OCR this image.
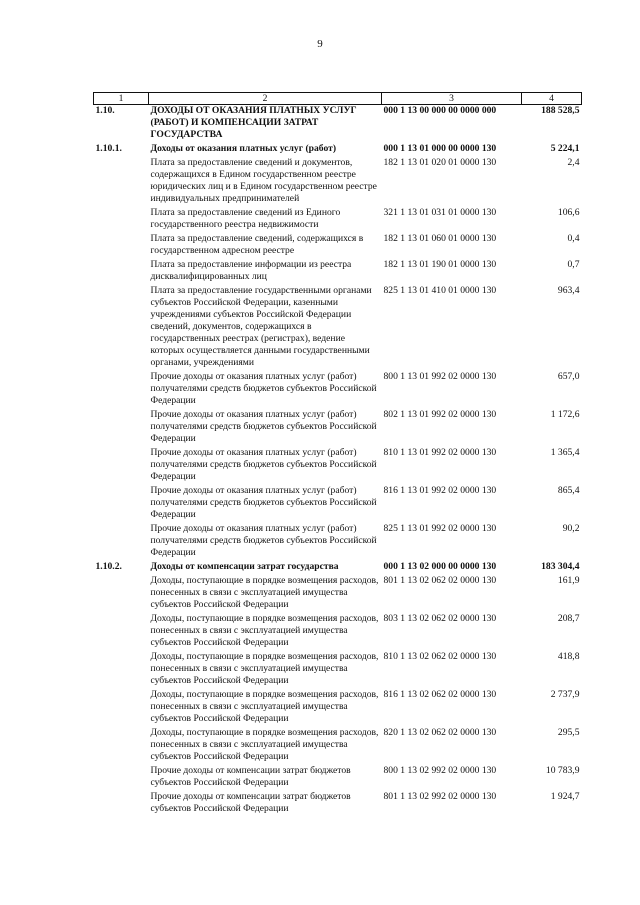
9
1	2	3	4
1.10.	ДОХОДЫ ОТ ОКАЗАНИЯ ПЛАТНЫХ УСЛУГ (РАБОТ) И КОМПЕНСАЦИИ ЗАТРАТ ГОСУДАРСТВА	000 1 13 00 000 00 0000 000	188 528,5
1.10.1.	Доходы от оказания платных услуг (работ)	000 1 13 01 000 00 0000 130	5 224,1
	Плата за предоставление сведений и документов, содержащихся в Едином государственном реестре юридических лиц и в Едином государственном реестре индивидуальных предпринимателей	182 1 13 01 020 01 0000 130	2,4
	Плата за предоставление сведений из Единого государственного реестра недвижимости	321 1 13 01 031 01 0000 130	106,6
	Плата за предоставление сведений, содержащихся в государственном адресном реестре	182 1 13 01 060 01 0000 130	0,4
	Плата за предоставление информации из реестра дисквалифицированных лиц	182 1 13 01 190 01 0000 130	0,7
	Плата за предоставление государственными органами субъектов Российской Федерации, казенными учреждениями субъектов Российской Федерации сведений, документов, содержащихся в государственных реестрах (регистрах), ведение которых осуществляется данными государственными органами, учреждениями	825 1 13 01 410 01 0000 130	963,4
	Прочие доходы от оказания платных услуг (работ) получателями средств бюджетов субъектов Российской Федерации	800 1 13 01 992 02 0000 130	657,0
	Прочие доходы от оказания платных услуг (работ) получателями средств бюджетов субъектов Российской Федерации	802 1 13 01 992 02 0000 130	1 172,6
	Прочие доходы от оказания платных услуг (работ) получателями средств бюджетов субъектов Российской Федерации	810 1 13 01 992 02 0000 130	1 365,4
	Прочие доходы от оказания платных услуг (работ) получателями средств бюджетов субъектов Российской Федерации	816 1 13 01 992 02 0000 130	865,4
	Прочие доходы от оказания платных услуг (работ) получателями средств бюджетов субъектов Российской Федерации	825 1 13 01 992 02 0000 130	90,2
1.10.2.	Доходы от компенсации затрат государства	000 1 13 02 000 00 0000 130	183 304,4
	Доходы, поступающие в порядке возмещения расходов, понесенных в связи с эксплуатацией имущества субъектов Российской Федерации	801 1 13 02 062 02 0000 130	161,9
	Доходы, поступающие в порядке возмещения расходов, понесенных в связи с эксплуатацией имущества субъектов Российской Федерации	803 1 13 02 062 02 0000 130	208,7
	Доходы, поступающие в порядке возмещения расходов, понесенных в связи с эксплуатацией имущества субъектов Российской Федерации	810 1 13 02 062 02 0000 130	418,8
	Доходы, поступающие в порядке возмещения расходов, понесенных в связи с эксплуатацией имущества субъектов Российской Федерации	816 1 13 02 062 02 0000 130	2 737,9
	Доходы, поступающие в порядке возмещения расходов, понесенных в связи с эксплуатацией имущества субъектов Российской Федерации	820 1 13 02 062 02 0000 130	295,5
	Прочие доходы от компенсации затрат бюджетов субъектов Российской Федерации	800 1 13 02 992 02 0000 130	10 783,9
	Прочие доходы от компенсации затрат бюджетов субъектов Российской Федерации	801 1 13 02 992 02 0000 130	1 924,7
